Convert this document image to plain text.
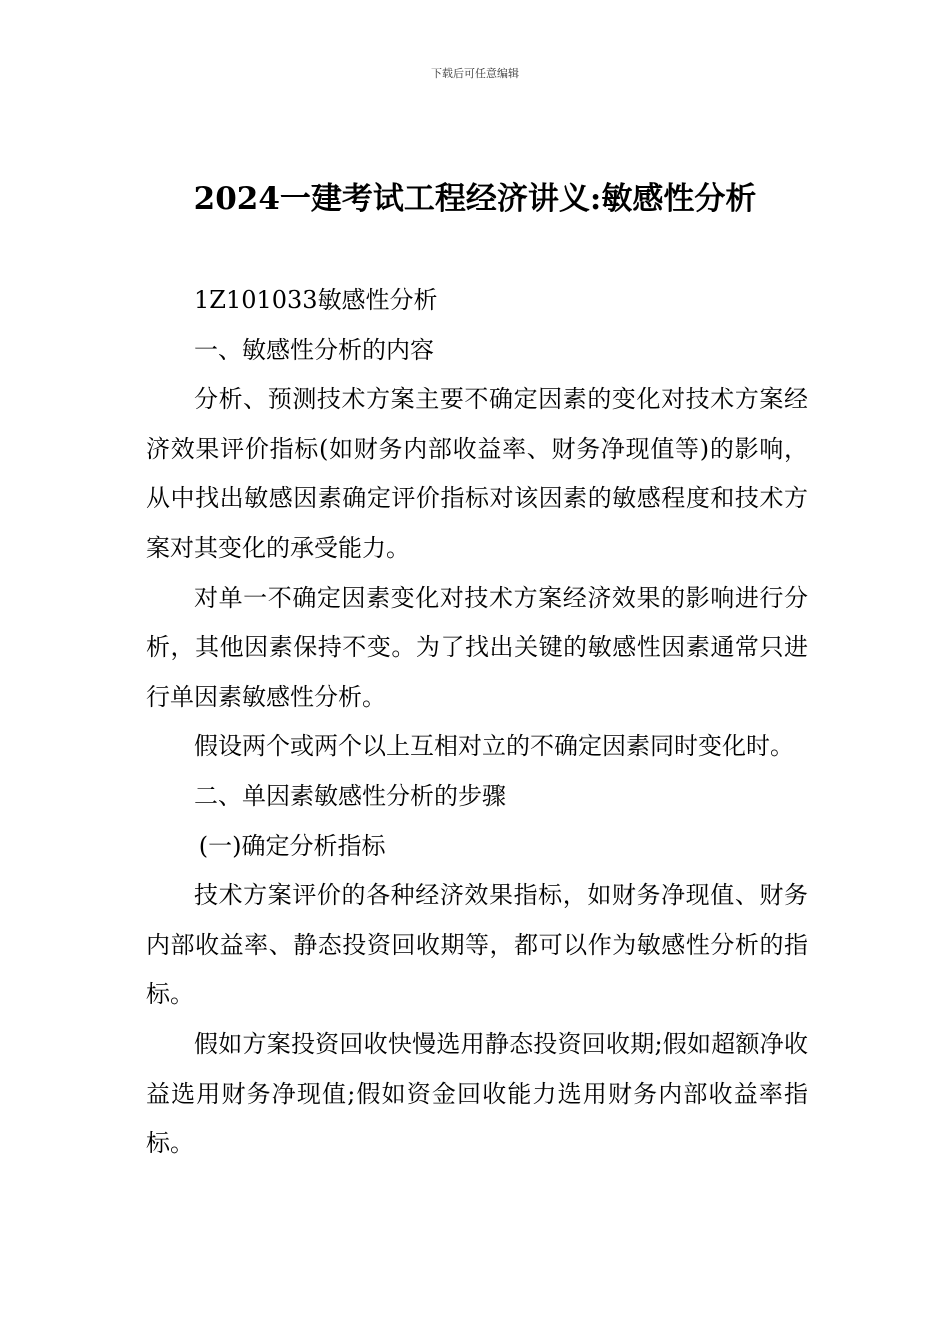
下载后可任意编辑
2024一建考试工程经济讲义:敏感性分析

1Z101033敏感性分析

一、敏感性分析的内容

分析、预测技术方案主要不确定因素的变化对技术方案经济效果评价指标(如财务内部收益率、财务净现值等)的影响，从中找出敏感因素确定评价指标对该因素的敏感程度和技术方案对其变化的承受能力。

对单一不确定因素变化对技术方案经济效果的影响进行分析，其他因素保持不变。为了找出关键的敏感性因素通常只进行单因素敏感性分析。

假设两个或两个以上互相对立的不确定因素同时变化时。

二、单因素敏感性分析的步骤

(一)确定分析指标

技术方案评价的各种经济效果指标，如财务净现值、财务内部收益率、静态投资回收期等，都可以作为敏感性分析的指标。

假如方案投资回收快慢选用静态投资回收期;假如超额净收益选用财务净现值;假如资金回收能力选用财务内部收益率指标。
